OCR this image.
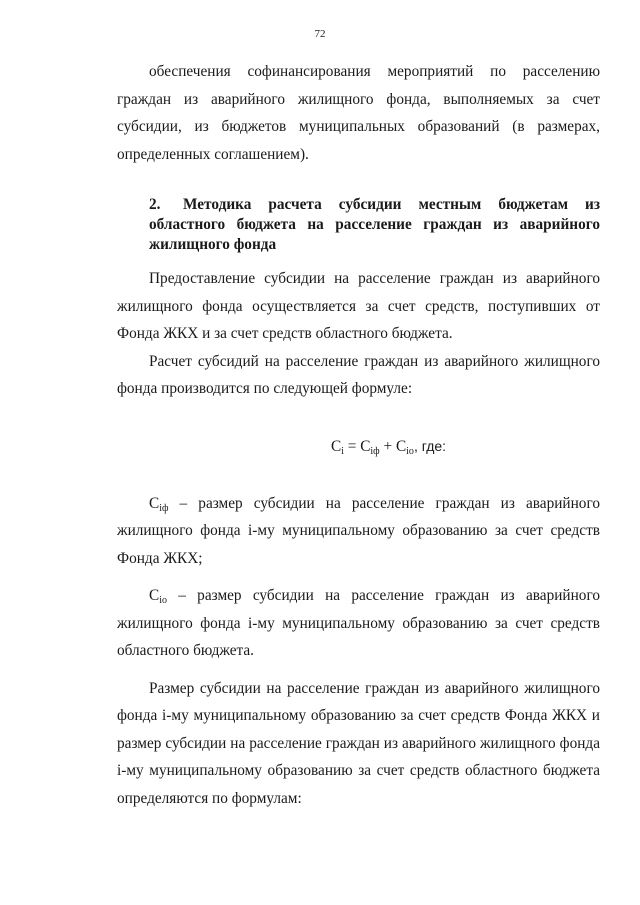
72

обеспечения софинансирования мероприятий по расселению граждан из аварийного жилищного фонда, выполняемых за счет субсидии, из бюджетов муниципальных образований (в размерах, определенных соглашением).

2. Методика расчета субсидии местным бюджетам из областного бюджета на расселение граждан из аварийного жилищного фонда

Предоставление субсидии на расселение граждан из аварийного жилищного фонда осуществляется за счет средств, поступивших от Фонда ЖКХ и за счет средств областного бюджета.

Расчет субсидий на расселение граждан из аварийного жилищного фонда производится по следующей формуле:

$C_i = C_{iф} + C_{iо}$, где:

$C_{iф}$ – размер субсидии на расселение граждан из аварийного жилищного фонда i-му муниципальному образованию за счет средств Фонда ЖКХ;

$C_{iо}$ – размер субсидии на расселение граждан из аварийного жилищного фонда i-му муниципальному образованию за счет средств областного бюджета.

Размер субсидии на расселение граждан из аварийного жилищного фонда i-му муниципальному образованию за счет средств Фонда ЖКХ и размер субсидии на расселение граждан из аварийного жилищного фонда i-му муниципальному образованию за счет средств областного бюджета определяются по формулам:
